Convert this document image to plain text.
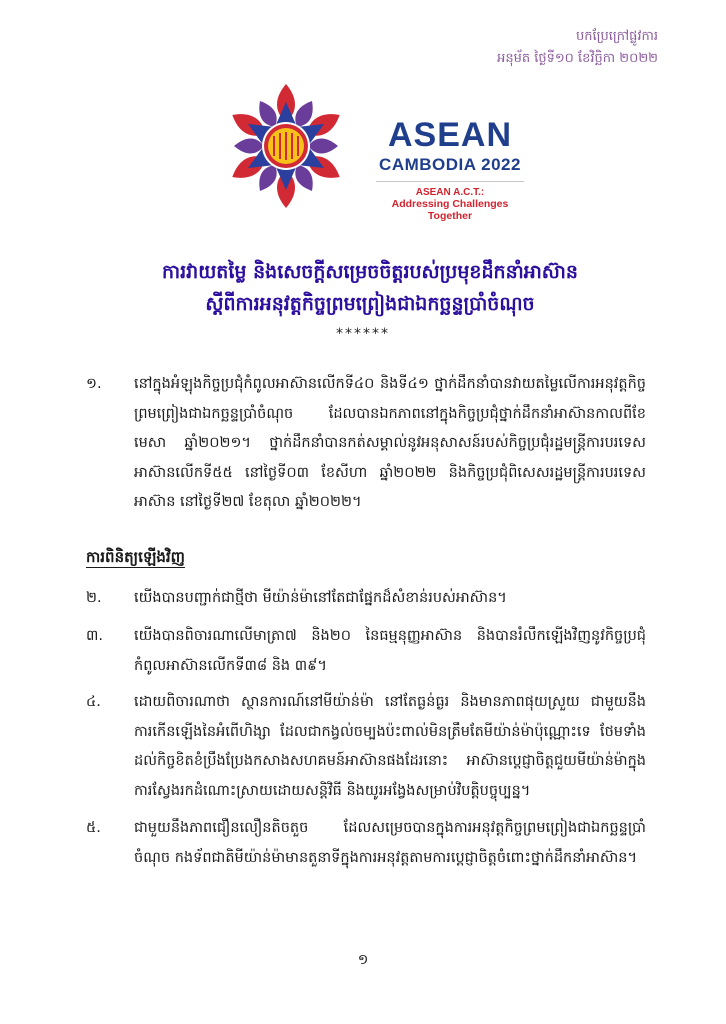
បកប្រែក្រៅផ្លូវការ
អនុម័ត ថ្ងៃទី១០ ខែវិច្ឆិកា ២០២២
ASEAN
CAMBODIA 2022
ASEAN A.C.T.:
Addressing Challenges Together
ការវាយតម្លៃ និងសេចក្តីសម្រេចចិត្តរបស់ប្រមុខដឹកនាំអាស៊ាន
ស្តីពីការអនុវត្តកិច្ចព្រមព្រៀងជាឯកច្ឆន្ទប្រាំចំណុច
******
១.	នៅក្នុងអំឡុងកិច្ចប្រជុំកំពូលអាស៊ានលើកទី៤០ និងទី៤១ ថ្នាក់ដឹកនាំបានវាយតម្លៃលើការអនុវត្តកិច្ចព្រមព្រៀងជាឯកច្ឆន្ទប្រាំចំណុច ដែលបានឯកភាពនៅក្នុងកិច្ចប្រជុំថ្នាក់ដឹកនាំអាស៊ានកាលពីខែមេសា ឆ្នាំ២០២១។ ថ្នាក់ដឹកនាំបានកត់សម្គាល់នូវអនុសាសន៍របស់កិច្ចប្រជុំរដ្ឋមន្ត្រីការបរទេសអាស៊ានលើកទី៥៥ នៅថ្ងៃទី០៣ ខែសីហា ឆ្នាំ២០២២ និងកិច្ចប្រជុំពិសេសរដ្ឋមន្ត្រីការបរទេសអាស៊ាន នៅថ្ងៃទី២៧ ខែតុលា ឆ្នាំ២០២២។
ការពិនិត្យឡើងវិញ
២.	យើងបានបញ្ជាក់ជាថ្មីថា មីយ៉ាន់ម៉ានៅតែជាផ្នែកដ៏សំខាន់របស់អាស៊ាន។
៣.	យើងបានពិចារណាលើមាត្រា៧ និង២០ នៃធម្មនុញ្ញអាស៊ាន និងបានរំលឹកឡើងវិញនូវកិច្ចប្រជុំកំពូលអាស៊ានលើកទី៣៨ និង ៣៩។
៤.	ដោយពិចារណាថា ស្ថានការណ៍នៅមីយ៉ាន់ម៉ា នៅតែធ្ងន់ធ្ងរ និងមានភាពផុយស្រួយ ជាមួយនឹងការកើនឡើងនៃអំពើហិង្សា ដែលជាកង្វល់ចម្បងប៉ះពាល់មិនត្រឹមតែមីយ៉ាន់ម៉ាប៉ុណ្ណោះទេ ថែមទាំងដល់កិច្ចខិតខំប្រឹងប្រែងកសាងសហគមន៍អាស៊ានផងដែរនោះ អាស៊ានប្តេជ្ញាចិត្តជួយមីយ៉ាន់ម៉ាក្នុងការស្វែងរកដំណោះស្រាយដោយសន្តិវិធី និងយូរអង្វែងសម្រាប់វិបត្តិបច្ចុប្បន្ន។
៥.	ជាមួយនឹងភាពជឿនលឿនតិចតួច ដែលសម្រេចបានក្នុងការអនុវត្តកិច្ចព្រមព្រៀងជាឯកច្ឆន្ទប្រាំចំណុច កងទ័ពជាតិមីយ៉ាន់ម៉ាមានតួនាទីក្នុងការអនុវត្តតាមការប្តេជ្ញាចិត្តចំពោះថ្នាក់ដឹកនាំអាស៊ាន។
១
